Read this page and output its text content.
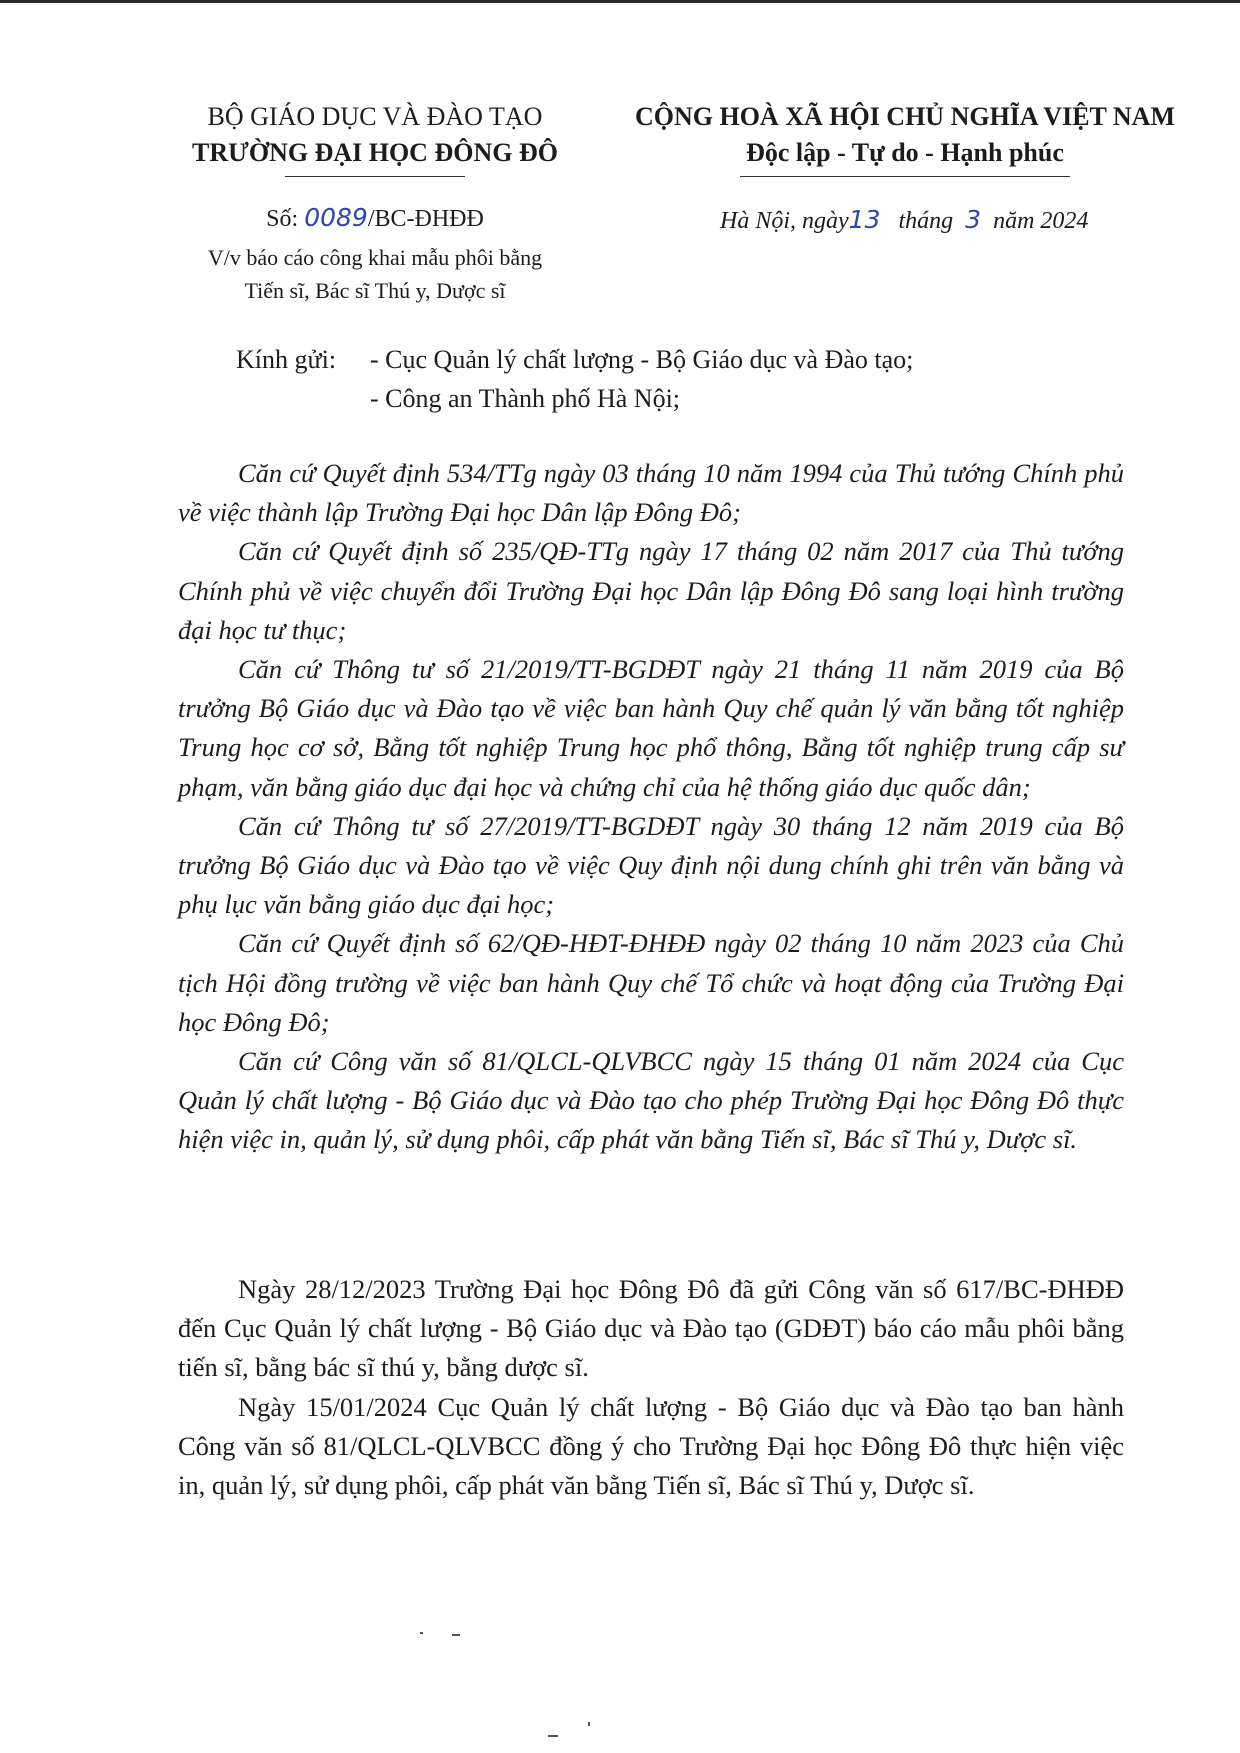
BỘ GIÁO DỤC VÀ ĐÀO TẠO
TRƯỜNG ĐẠI HỌC ĐÔNG ĐÔ
CỘNG HOÀ XÃ HỘI CHỦ NGHĨA VIỆT NAM
Độc lập - Tự do - Hạnh phúc
Số: 0089/BC-ĐHĐĐ
V/v báo cáo công khai mẫu phôi bằng
Tiến sĩ, Bác sĩ Thú y, Dược sĩ
Hà Nội, ngày13 tháng 3 năm 2024
Kính gửi: - Cục Quản lý chất lượng - Bộ Giáo dục và Đào tạo;
- Công an Thành phố Hà Nội;

Căn cứ Quyết định 534/TTg ngày 03 tháng 10 năm 1994 của Thủ tướng Chính phủ về việc thành lập Trường Đại học Dân lập Đông Đô;

Căn cứ Quyết định số 235/QĐ-TTg ngày 17 tháng 02 năm 2017 của Thủ tướng Chính phủ về việc chuyển đổi Trường Đại học Dân lập Đông Đô sang loại hình trường đại học tư thục;

Căn cứ Thông tư số 21/2019/TT-BGDĐT ngày 21 tháng 11 năm 2019 của Bộ trưởng Bộ Giáo dục và Đào tạo về việc ban hành Quy chế quản lý văn bằng tốt nghiệp Trung học cơ sở, Bằng tốt nghiệp Trung học phổ thông, Bằng tốt nghiệp trung cấp sư phạm, văn bằng giáo dục đại học và chứng chỉ của hệ thống giáo dục quốc dân;

Căn cứ Thông tư số 27/2019/TT-BGDĐT ngày 30 tháng 12 năm 2019 của Bộ trưởng Bộ Giáo dục và Đào tạo về việc Quy định nội dung chính ghi trên văn bằng và phụ lục văn bằng giáo dục đại học;

Căn cứ Quyết định số 62/QĐ-HĐT-ĐHĐĐ ngày 02 tháng 10 năm 2023 của Chủ tịch Hội đồng trường về việc ban hành Quy chế Tổ chức và hoạt động của Trường Đại học Đông Đô;

Căn cứ Công văn số 81/QLCL-QLVBCC ngày 15 tháng 01 năm 2024 của Cục Quản lý chất lượng - Bộ Giáo dục và Đào tạo cho phép Trường Đại học Đông Đô thực hiện việc in, quản lý, sử dụng phôi, cấp phát văn bằng Tiến sĩ, Bác sĩ Thú y, Dược sĩ.

Ngày 28/12/2023 Trường Đại học Đông Đô đã gửi Công văn số 617/BC-ĐHĐĐ đến Cục Quản lý chất lượng - Bộ Giáo dục và Đào tạo (GDĐT) báo cáo mẫu phôi bằng tiến sĩ, bằng bác sĩ thú y, bằng dược sĩ.

Ngày 15/01/2024 Cục Quản lý chất lượng - Bộ Giáo dục và Đào tạo ban hành Công văn số 81/QLCL-QLVBCC đồng ý cho Trường Đại học Đông Đô thực hiện việc in, quản lý, sử dụng phôi, cấp phát văn bằng Tiến sĩ, Bác sĩ Thú y, Dược sĩ.
